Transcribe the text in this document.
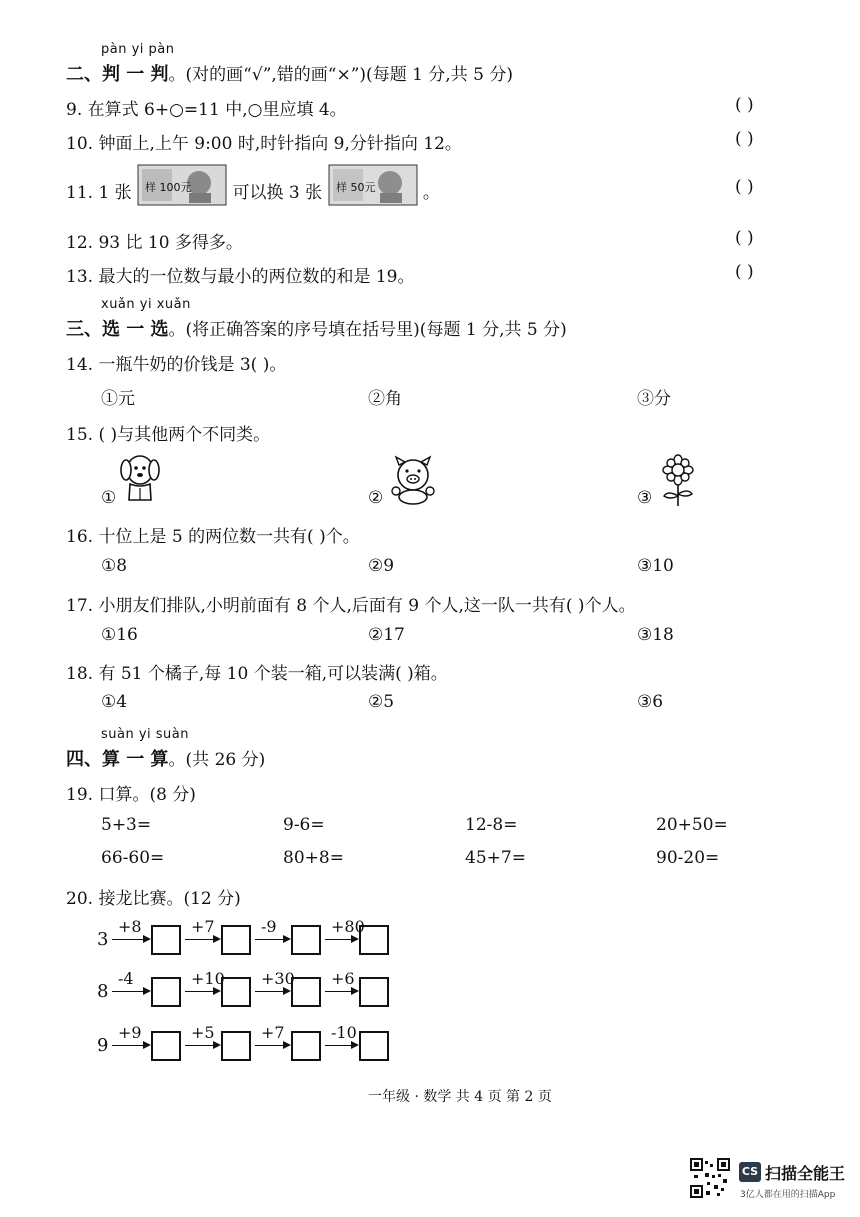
pàn yi pàn
二、判 一 判。(对的画“√”,错的画“×”)(每题 1 分,共 5 分)
9. 在算式 6+○=11 中,○里应填 4。	( )
10. 钟面上,上午 9:00 时,时针指向 9,分针指向 12。	( )
11. 1 张 样 100元 可以换 3 张 样 50元	。	( )
12. 93 比 10 多得多。	( )
13. 最大的一位数与最小的两位数的和是 19。	( )
xuǎn yi xuǎn
三、选 一 选。(将正确答案的序号填在括号里)(每题 1 分,共 5 分)
14. 一瓶牛奶的价钱是 3( )。
①元	②角	③分
15. ( )与其他两个不同类。
①	②	③
16. 十位上是 5 的两位数一共有( )个。
①8	②9	③10
17. 小朋友们排队,小明前面有 8 个人,后面有 9 个人,这一队一共有( )个人。
①16	②17	③18
18. 有 51 个橘子,每 10 个装一箱,可以装满( )箱。
①4	②5	③6
suàn yi suàn
四、算 一 算。(共 26 分)
19. 口算。(8 分)
5+3=	9-6=	12-8=	20+50=
66-60=	80+8=	45+7=	90-20=
20. 接龙比赛。(12 分)
3
+8	+7	-9	+80
8
-4	+10 +30 +6
9
+9	+5	+7	-10
一年级 · 数学 共 4 页 第 2 页
CS 扫描全能王
3亿人都在用的扫描App
